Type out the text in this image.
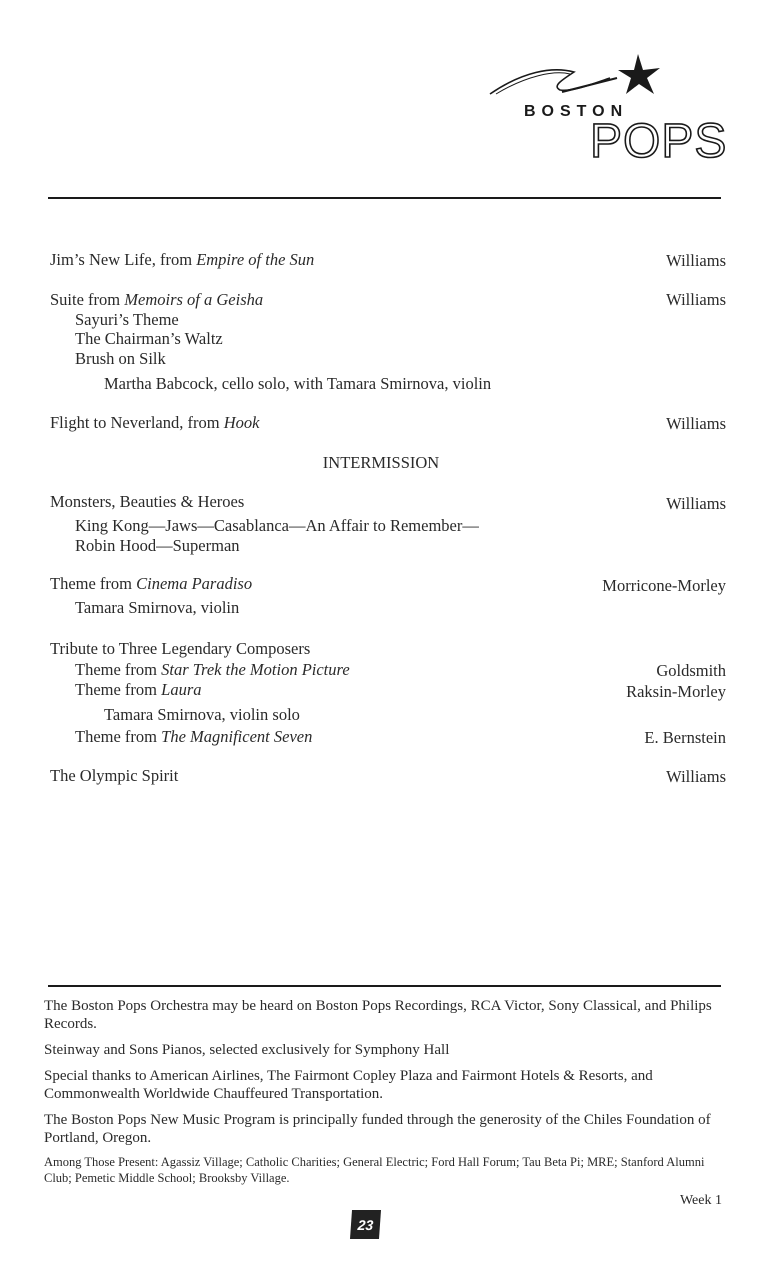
BOSTON
POPS
Jim’s New Life, from Empire of the Sun	Williams
Suite from Memoirs of a Geisha	Williams
Sayuri’s Theme
The Chairman’s Waltz
Brush on Silk
Martha Babcock, cello solo, with Tamara Smirnova, violin
Flight to Neverland, from Hook	Williams
INTERMISSION
Monsters, Beauties & Heroes	Williams
King Kong—Jaws—Casablanca—An Affair to Remember—
Robin Hood—Superman
Theme from Cinema Paradiso	Morricone-Morley
Tamara Smirnova, violin
Tribute to Three Legendary Composers
Theme from Star Trek the Motion Picture	Goldsmith
Theme from Laura	Raksin-Morley
Tamara Smirnova, violin solo
Theme from The Magnificent Seven	E. Bernstein
The Olympic Spirit	Williams
The Boston Pops Orchestra may be heard on Boston Pops Recordings, RCA Victor, Sony Classical, and Philips Records.
Steinway and Sons Pianos, selected exclusively for Symphony Hall
Special thanks to American Airlines, The Fairmont Copley Plaza and Fairmont Hotels & Resorts, and Commonwealth Worldwide Chauffeured Transportation.
The Boston Pops New Music Program is principally funded through the generosity of the Chiles Foundation of Portland, Oregon.
Among Those Present: Agassiz Village; Catholic Charities; General Electric; Ford Hall Forum; Tau Beta Pi; MRE; Stanford Alumni Club; Pemetic Middle School; Brooksby Village.
Week 1
23
